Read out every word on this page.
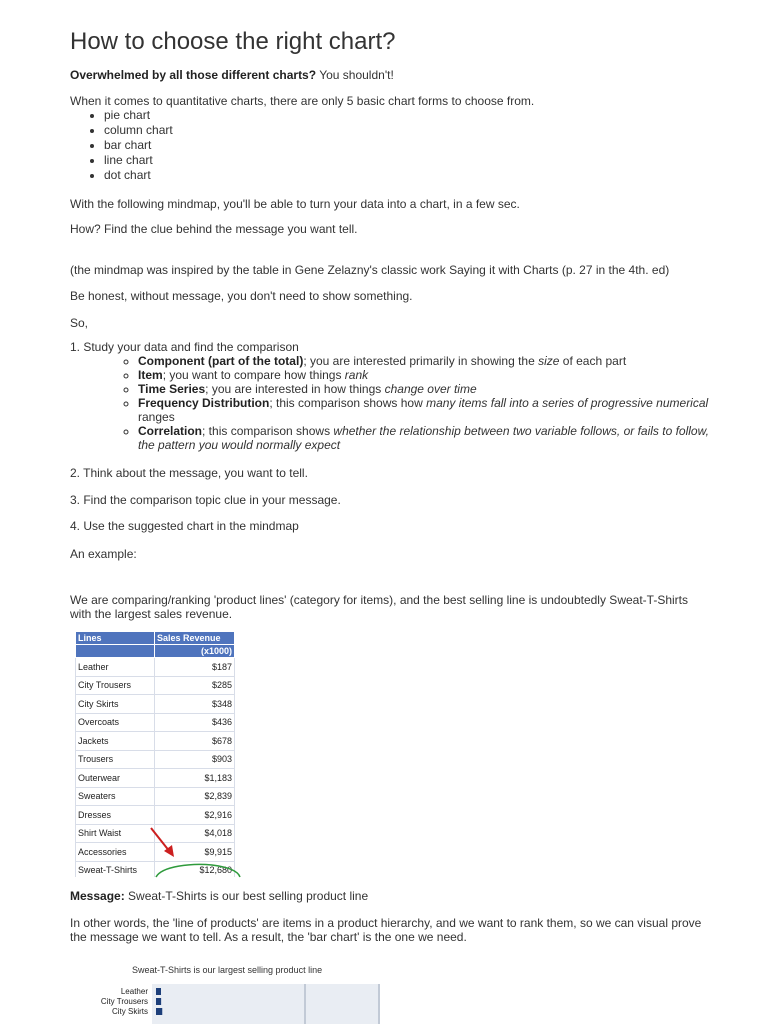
How to choose the right chart?

Overwhelmed by all those different charts? You shouldn't!

When it comes to quantitative charts, there are only 5 basic chart forms to choose from.

• pie chart
• column chart
• bar chart
• line chart
• dot chart

With the following mindmap, you'll be able to turn your data into a chart, in a few sec.

How? Find the clue behind the message you want tell.

(the mindmap was inspired by the table in Gene Zelazny's classic work Saying it with Charts (p. 27 in the 4th. ed)

Be honest, without message, you don't need to show something.

So,

1. Study your data and find the comparison

◦ Component (part of the total); you are interested primarily in showing the size of each part
◦ Item; you want to compare how things rank
◦ Time Series; you are interested in how things change over time
◦ Frequency Distribution; this comparison shows how many items fall into a series of progressive numerical ranges
◦ Correlation; this comparison shows whether the relationship between two variable follows, or fails to follow, the pattern you would normally expect

2. Think about the message, you want to tell.

3. Find the comparison topic clue in your message.

4. Use the suggested chart in the mindmap

An example:

We are comparing/ranking 'product lines' (category for items), and the best selling line is undoubtedly Sweat-T-Shirts with the largest sales revenue.

Lines	Sales Revenue
	(x1000)
Leather	$187
City Trousers	$285
City Skirts	$348
Overcoats	$436
Jackets	$678
Trousers	$903
Outerwear	$1,183
Sweaters	$2,839
Dresses	$2,916
Shirt Waist	$4,018
Accessories	$9,915
Sweat-T-Shirts	$12,680

Message: Sweat-T-Shirts is our best selling product line

In other words, the 'line of products' are items in a product hierarchy, and we want to rank them, so we can visual prove the message we want to tell. As a result, the 'bar chart' is the one we need.

Sweat-T-Shirts is our largest selling product line
Leather
City Trousers
City Skirts
